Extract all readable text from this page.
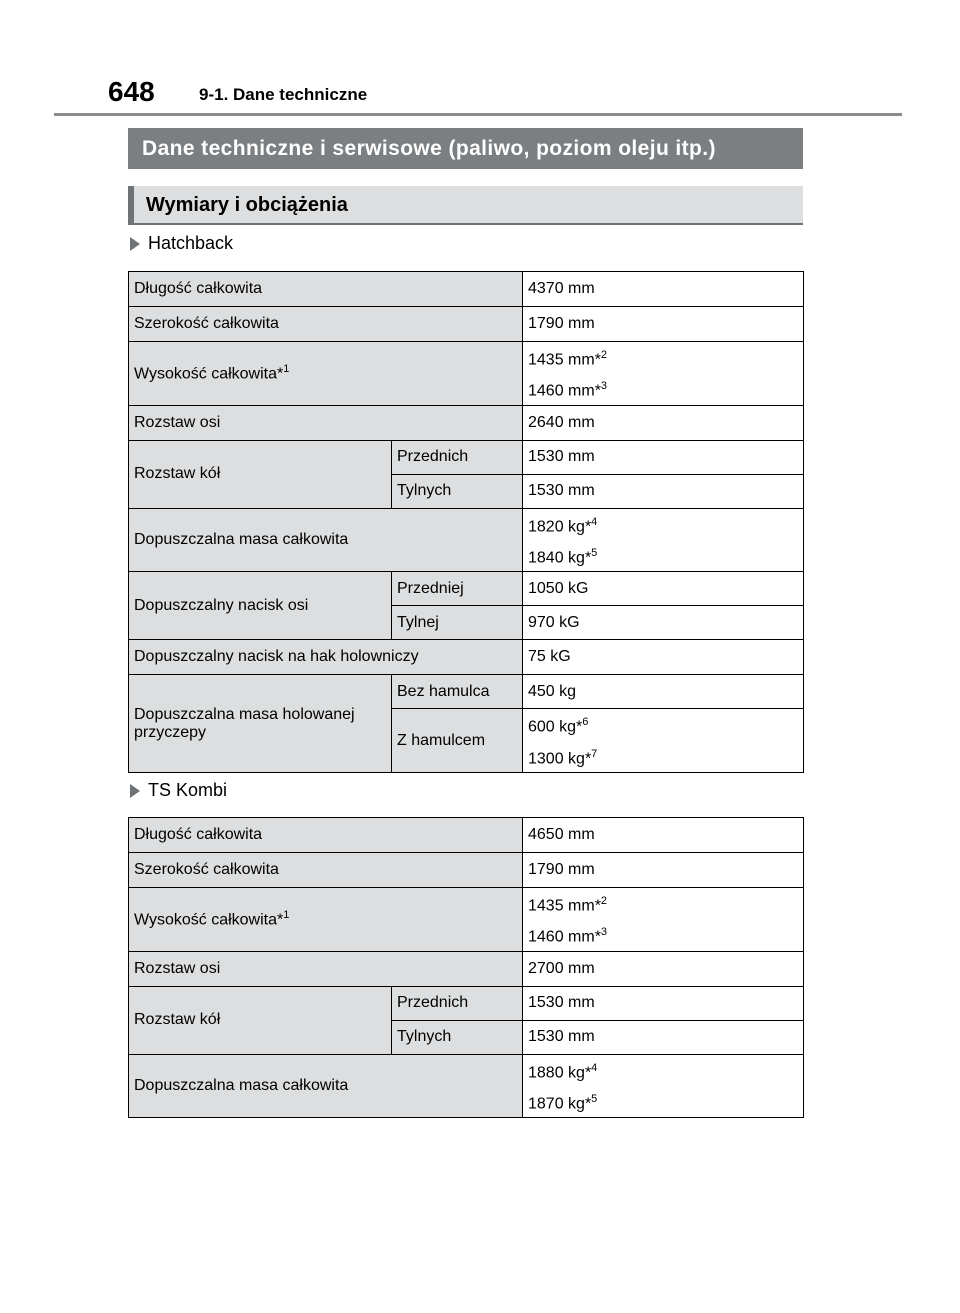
648	9-1. Dane techniczne
Dane techniczne i serwisowe (paliwo, poziom oleju itp.)
Wymiary i obciążenia
Hatchback
Długość całkowita		4370 mm
Szerokość całkowita		1790 mm
Wysokość całkowita*$^1$		1435 mm*$^2$
1460 mm*$^3$

Rozstaw osi		2640 mm
Rozstaw kół	Przednich	1530 mm
	Tylnych	1530 mm
Dopuszczalna masa całkowita		1820 kg*$^4$
1840 kg*$^5$

Dopuszczalny nacisk osi	Przedniej	1050 kG
	Tylnej	970 kG
Dopuszczalny nacisk na hak holowniczy		75 kG
Dopuszczalna masa holowanej przyczepy	Bez hamulca	450 kg
	Z hamulcem	600 kg*$^6$
1300 kg*$^7$
TS Kombi
Długość całkowita		4650 mm
Szerokość całkowita		1790 mm
Wysokość całkowita*$^1$		1435 mm*$^2$
1460 mm*$^3$

Rozstaw osi		2700 mm
Rozstaw kół	Przednich	1530 mm
	Tylnych	1530 mm
Dopuszczalna masa całkowita		1880 kg*$^4$
1870 kg*$^5$
